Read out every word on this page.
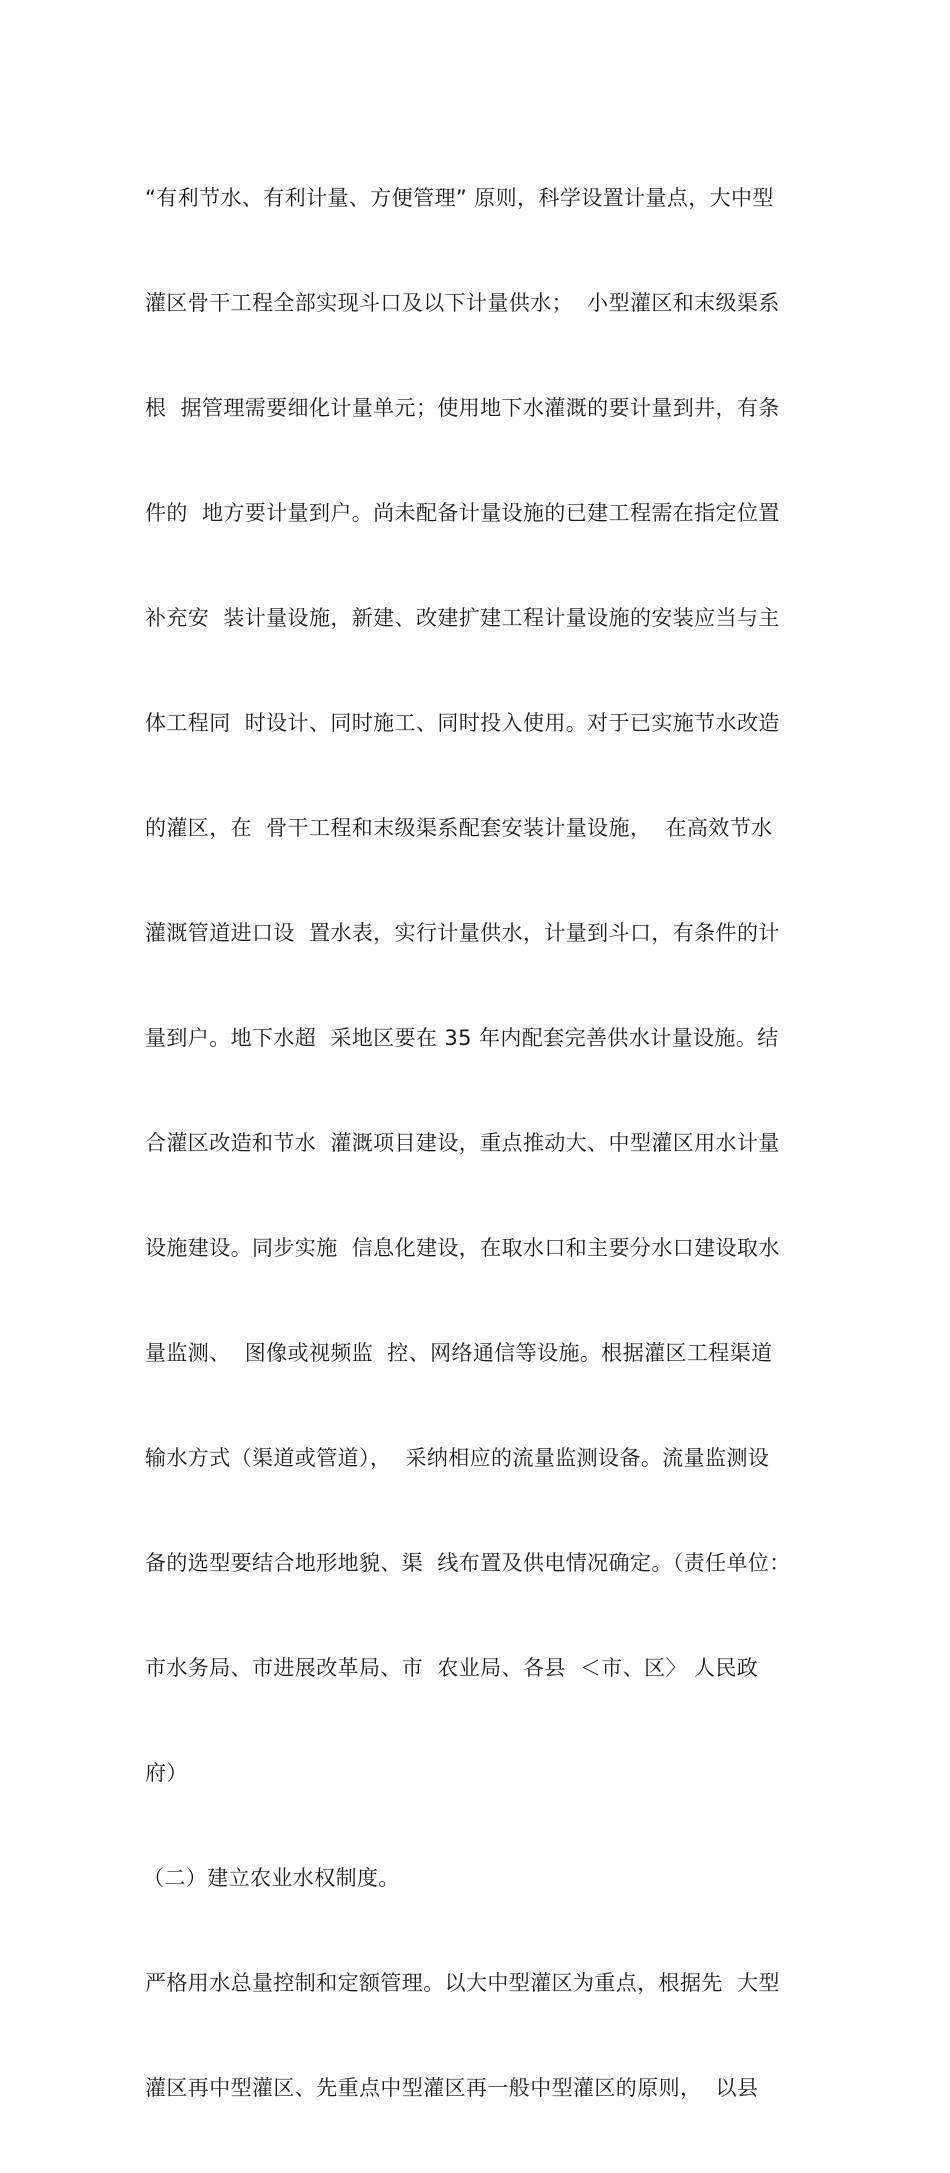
“有利节水、有利计量、方便管理” 原则，科学设置计量点，大中型

灌区骨干工程全部实现斗口及以下计量供水；  小型灌区和末级渠系

根  据管理需要细化计量单元；使用地下水灌溉的要计量到井，有条

件的  地方要计量到户。尚未配备计量设施的已建工程需在指定位置

补充安  装计量设施，新建、改建扩建工程计量设施的安装应当与主

体工程同  时设计、同时施工、同时投入使用。对于已实施节水改造

的灌区，在  骨干工程和末级渠系配套安装计量设施，  在高效节水

灌溉管道进口设  置水表，实行计量供水，计量到斗口，有条件的计

量到户。地下水超  采地区要在 35 年内配套完善供水计量设施。结

合灌区改造和节水  灌溉项目建设，重点推动大、中型灌区用水计量

设施建设。同步实施  信息化建设，在取水口和主要分水口建设取水

量监测、  图像或视频监  控、网络通信等设施。根据灌区工程渠道

输水方式（渠道或管道），  采纳相应的流量监测设备。流量监测设

备的选型要结合地形地貌、渠  线布置及供电情况确定。（责任单位：

市水务局、市进展改革局、市  农业局、各县  ＜市、区〉 人民政

府）

（二）建立农业水权制度。

严格用水总量控制和定额管理。以大中型灌区为重点，根据先  大型

灌区再中型灌区、先重点中型灌区再一般中型灌区的原则，  以县
